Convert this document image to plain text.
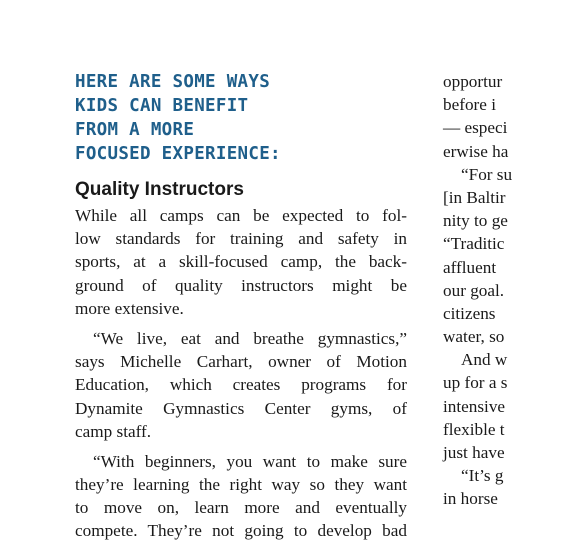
HERE ARE SOME WAYS
KIDS CAN BENEFIT
FROM A MORE
FOCUSED EXPERIENCE:
Quality Instructors
While all camps can be expected to fol-
low standards for training and safety in
sports, at a skill-focused camp, the back-
ground of quality instructors might be
more extensive.
“We live, eat and breathe gymnastics,”
says Michelle Carhart, owner of Motion
Education, which creates programs for
Dynamite Gymnastics Center gyms, of
camp staff.
“With beginners, you want to make sure
they’re learning the right way so they want
to move on, learn more and eventually
compete. They’re not going to develop bad
opportur
before i
— especi
erwise ha
“For su
[in Baltir
nity to ge
“Traditic
affluent
our goal.
citizens
water, so
And w
up for a s
intensive
flexible t
just have
“It’s g
in horse
